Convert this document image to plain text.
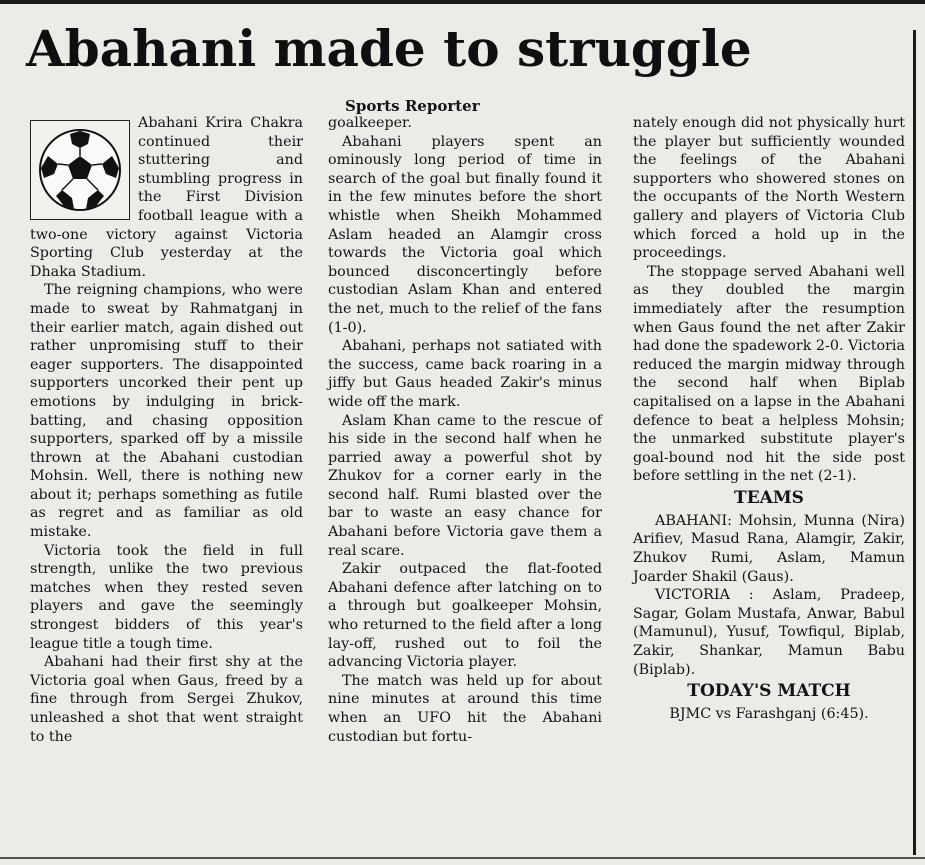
Abahani made to struggle
Sports Reporter

Abahani Krira Chakra continued their stuttering and stumbling progress in the First Division football league with a two-one victory against Victoria Sporting Club yesterday at the Dhaka Stadium.

The reigning champions, who were made to sweat by Rahmatganj in their earlier match, again dished out rather unpromising stuff to their eager supporters. The disappointed supporters uncorked their pent up emotions by indulging in brick-batting, and chasing opposition supporters, sparked off by a missile thrown at the Abahani custodian Mohsin. Well, there is nothing new about it; perhaps something as futile as regret and as familiar as old mistake.

Victoria took the field in full strength, unlike the two previous matches when they rested seven players and gave the seemingly strongest bidders of this year's league title a tough time.

Abahani had their first shy at the Victoria goal when Gaus, freed by a fine through from Sergei Zhukov, unleashed a shot that went straight to the

goalkeeper.

Abahani players spent an ominously long period of time in search of the goal but finally found it in the few minutes before the short whistle when Sheikh Mohammed Aslam headed an Alamgir cross towards the Victoria goal which bounced disconcertingly before custodian Aslam Khan and entered the net, much to the relief of the fans (1-0).

Abahani, perhaps not satiated with the success, came back roaring in a jiffy but Gaus headed Zakir's minus wide off the mark.

Aslam Khan came to the rescue of his side in the second half when he parried away a powerful shot by Zhukov for a corner early in the second half. Rumi blasted over the bar to waste an easy chance for Abahani before Victoria gave them a real scare.

Zakir outpaced the flat-footed Abahani defence after latching on to a through but goalkeeper Mohsin, who returned to the field after a long lay-off, rushed out to foil the advancing Victoria player.

The match was held up for about nine minutes at around this time when an UFO hit the Abahani custodian but fortu-

nately enough did not physically hurt the player but sufficiently wounded the feelings of the Abahani supporters who showered stones on the occupants of the North Western gallery and players of Victoria Club which forced a hold up in the proceedings.

The stoppage served Abahani well as they doubled the margin immediately after the resumption when Gaus found the net after Zakir had done the spadework 2-0. Victoria reduced the margin midway through the second half when Biplab capitalised on a lapse in the Abahani defence to beat a helpless Mohsin; the unmarked substitute player's goal-bound nod hit the side post before settling in the net (2-1).

TEAMS

ABAHANI: Mohsin, Munna (Nira) Arifiev, Masud Rana, Alamgir, Zakir, Zhukov Rumi, Aslam, Mamun Joarder Shakil (Gaus).

VICTORIA : Aslam, Pradeep, Sagar, Golam Mustafa, Anwar, Babul (Mamunul), Yusuf, Towfiqul, Biplab, Zakir, Shankar, Mamun Babu (Biplab).

TODAY'S MATCH

BJMC vs Farashganj (6:45).
